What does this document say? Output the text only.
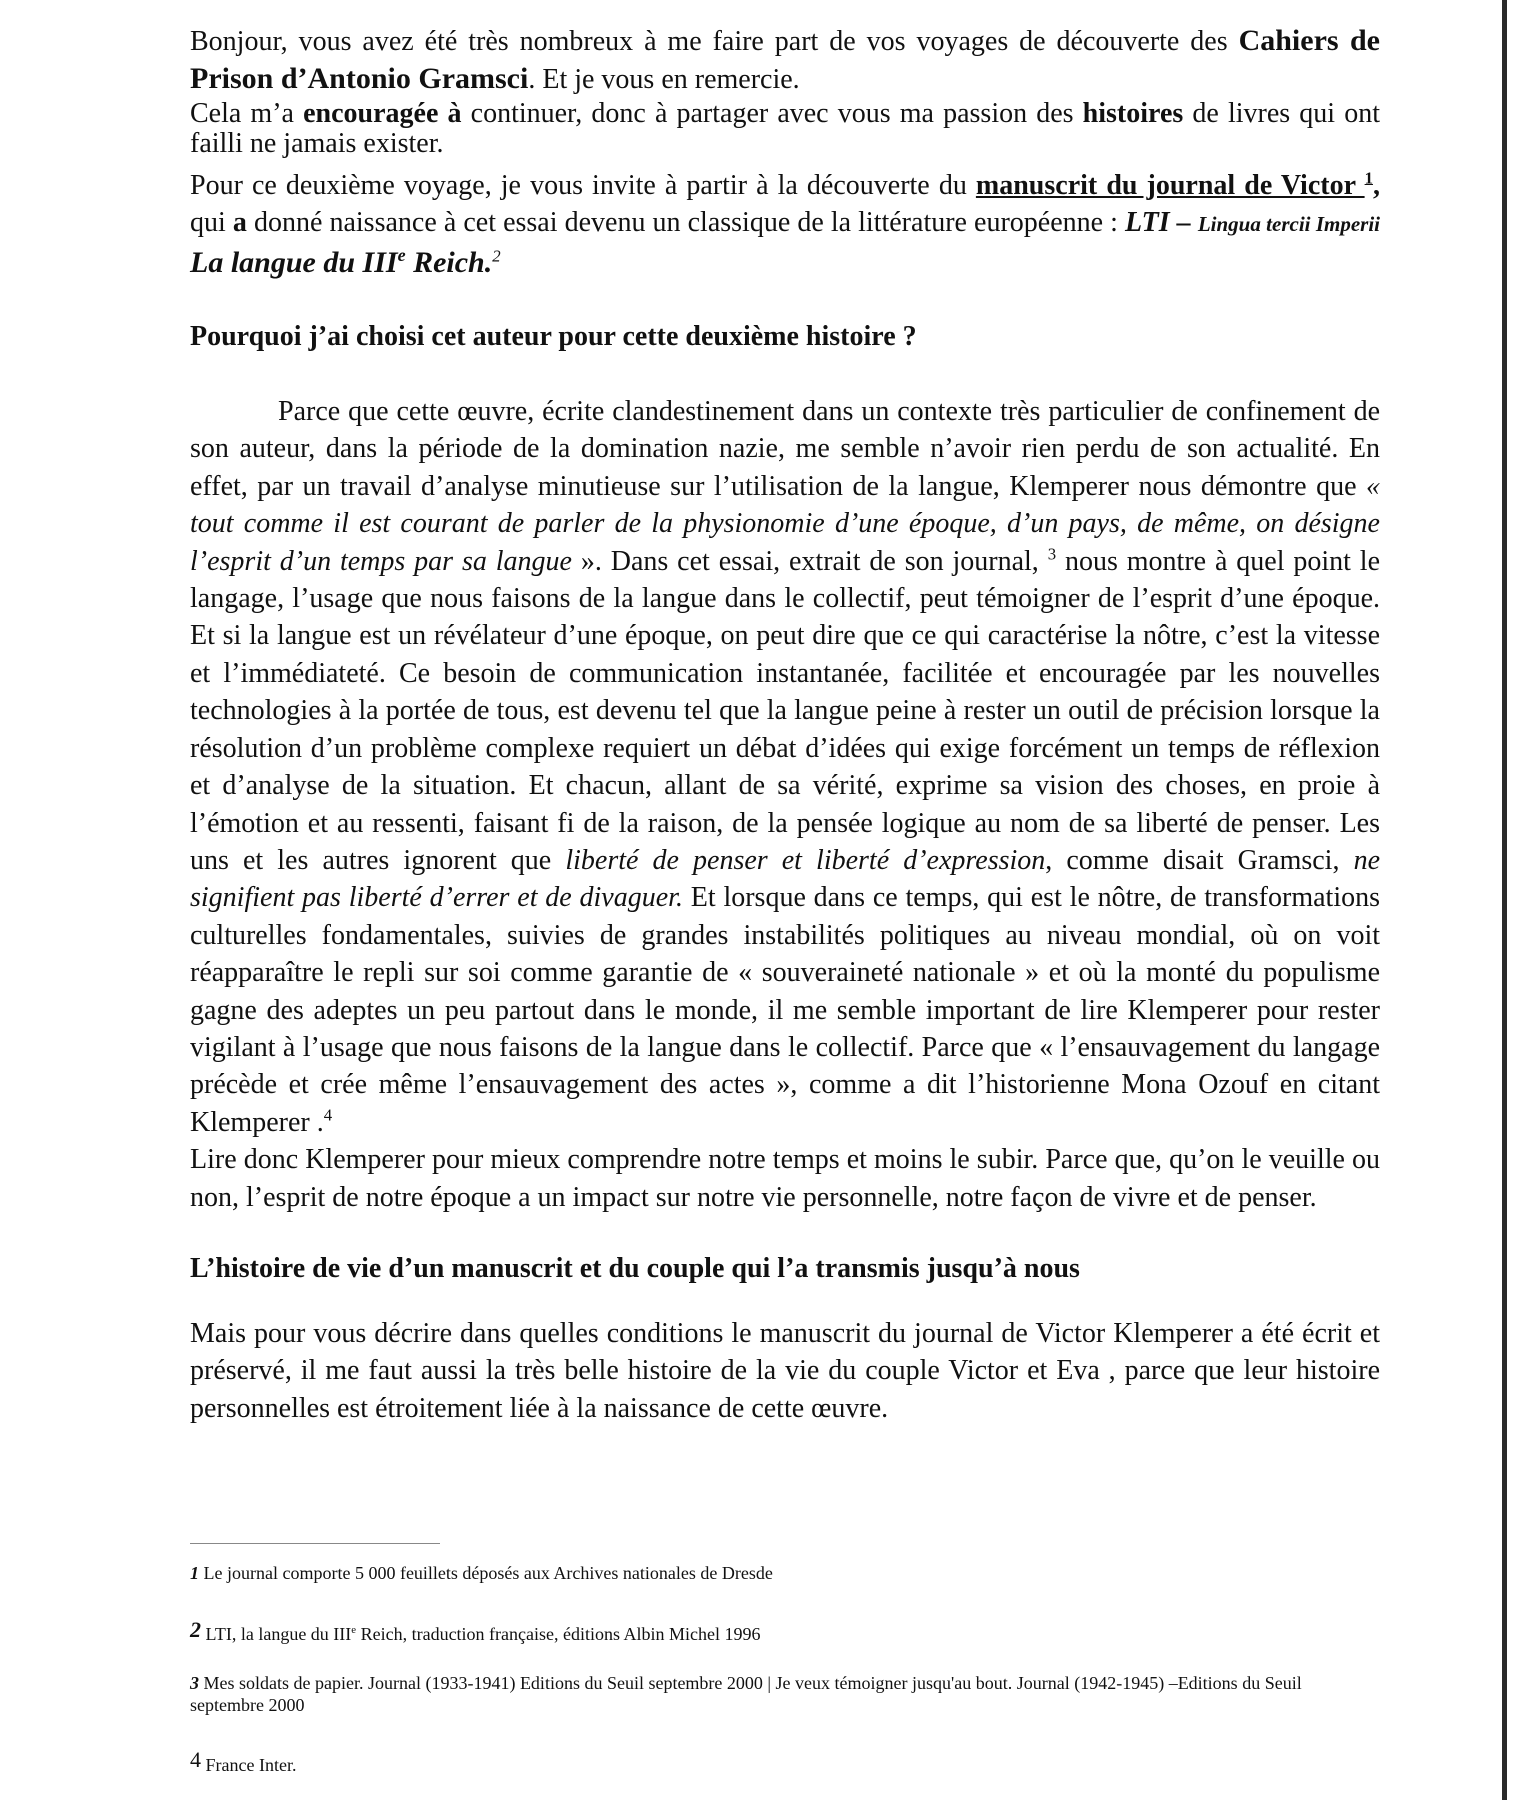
Bonjour, vous avez été très nombreux à me faire part de vos voyages de découverte des Cahiers de Prison d’Antonio Gramsci. Et je vous en remercie.

Cela m’a encouragée à continuer, donc à partager avec vous ma passion des histoires de livres qui ont failli ne jamais exister.

Pour ce deuxième voyage, je vous invite à partir à la découverte du manuscrit du journal de Victor $^1$, qui a donné naissance à cet essai devenu un classique de la littérature européenne : LTI – Lingua tercii Imperii La langue du IIIe Reich.$^2$

Pourquoi j’ai choisi cet auteur pour cette deuxième histoire ?

Parce que cette œuvre, écrite clandestinement dans un contexte très particulier de confinement de son auteur, dans la période de la domination nazie, me semble n’avoir rien perdu de son actualité. En effet, par un travail d’analyse minutieuse sur l’utilisation de la langue, Klemperer nous démontre que « tout comme il est courant de parler de la physionomie d’une époque, d’un pays, de même, on désigne l’esprit d’un temps par sa langue ». Dans cet essai, extrait de son journal, $^3$ nous montre à quel point le langage, l’usage que nous faisons de la langue dans le collectif, peut témoigner de l’esprit d’une époque. Et si la langue est un révélateur d’une époque, on peut dire que ce qui caractérise la nôtre, c’est la vitesse et l’immédiateté. Ce besoin de communication instantanée, facilitée et encouragée par les nouvelles technologies à la portée de tous, est devenu tel que la langue peine à rester un outil de précision lorsque la résolution d’un problème complexe requiert un débat d’idées qui exige forcément un temps de réflexion et d’analyse de la situation. Et chacun, allant de sa vérité, exprime sa vision des choses, en proie à l’émotion et au ressenti, faisant fi de la raison, de la pensée logique au nom de sa liberté de penser. Les uns et les autres ignorent que liberté de penser et liberté d’expression, comme disait Gramsci, ne signifient pas liberté d’errer et de divaguer. Et lorsque dans ce temps, qui est le nôtre, de transformations culturelles fondamentales, suivies de grandes instabilités politiques au niveau mondial, où on voit réapparaître le repli sur soi comme garantie de « souveraineté nationale » et où la monté du populisme gagne des adeptes un peu partout dans le monde, il me semble important de lire Klemperer pour rester vigilant à l’usage que nous faisons de la langue dans le collectif. Parce que « l’ensauvagement du langage précède et crée même l’ensauvagement des actes », comme a dit l’historienne Mona Ozouf en citant Klemperer .$^4$

Lire donc Klemperer pour mieux comprendre notre temps et moins le subir. Parce que, qu’on le veuille ou non, l’esprit de notre époque a un impact sur notre vie personnelle, notre façon de vivre et de penser.

L’histoire de vie d’un manuscrit et du couple qui l’a transmis jusqu’à nous

Mais pour vous décrire dans quelles conditions le manuscrit du journal de Victor Klemperer a été écrit et préservé, il me faut aussi la très belle histoire de la vie du couple Victor et Eva , parce que leur histoire personnelles est étroitement liée à la naissance de cette œuvre.

1 Le journal comporte 5 000 feuillets déposés aux Archives nationales de Dresde
2 LTI, la langue du IIIe Reich, traduction française, éditions Albin Michel 1996
3 Mes soldats de papier. Journal (1933-1941) Editions du Seuil septembre 2000 | Je veux témoigner jusqu'au bout. Journal (1942-1945) –Editions du Seuil septembre 2000
4 France Inter.
